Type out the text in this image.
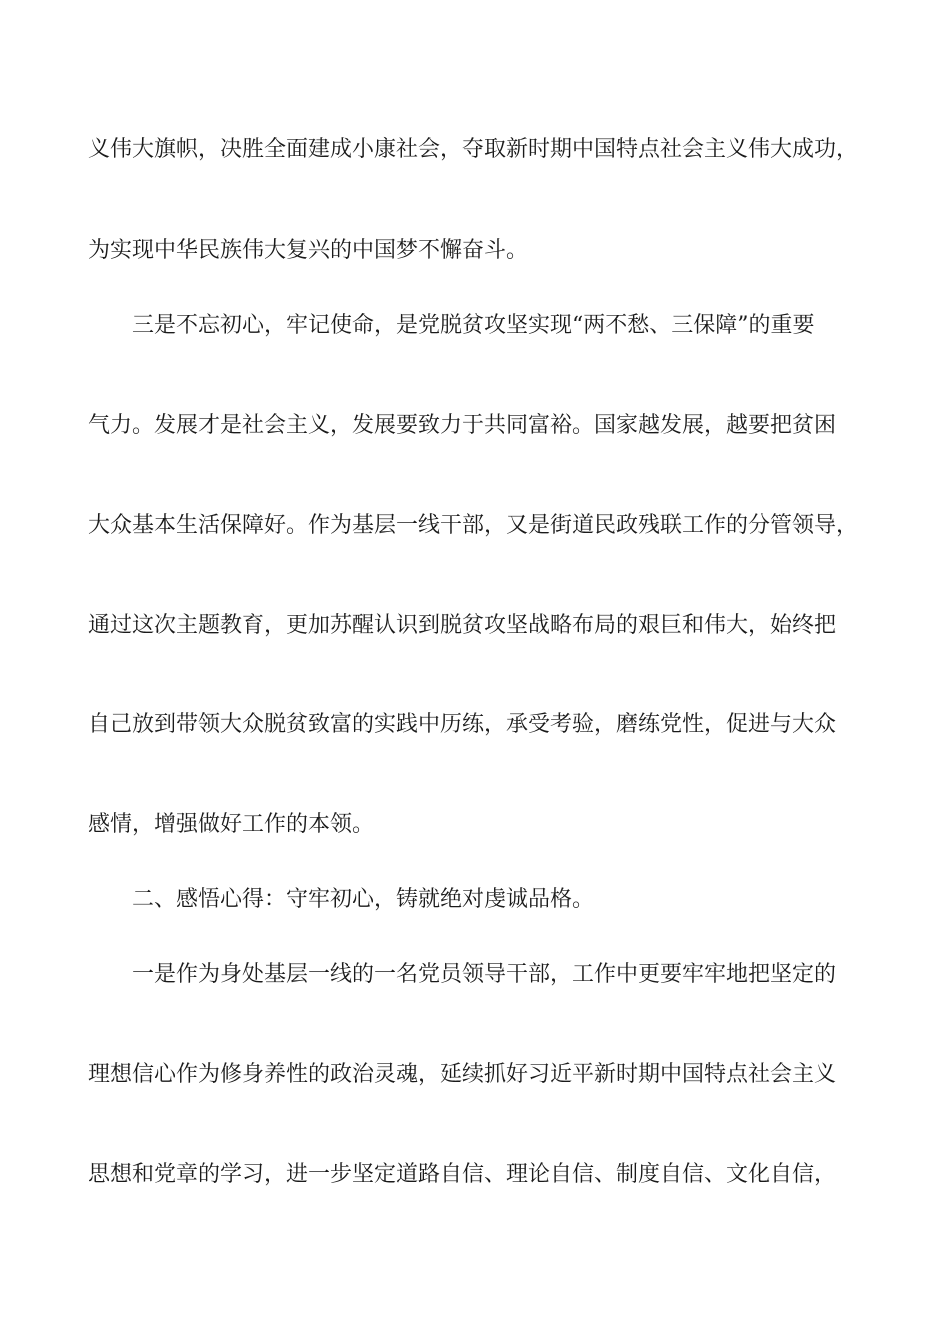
义伟大旗帜，决胜全面建成小康社会，夺取新时期中国特点社会主义伟大成功，
为实现中华民族伟大复兴的中国梦不懈奋斗。
三是不忘初心，牢记使命，是党脱贫攻坚实现“两不愁、三保障”的重要
气力。发展才是社会主义，发展要致力于共同富裕。国家越发展，越要把贫困
大众基本生活保障好。作为基层一线干部，又是街道民政残联工作的分管领导，
通过这次主题教育，更加苏醒认识到脱贫攻坚战略布局的艰巨和伟大，始终把
自己放到带领大众脱贫致富的实践中历练，承受考验，磨练党性，促进与大众
感情，增强做好工作的本领。
二、感悟心得：守牢初心，铸就绝对虔诚品格。
一是作为身处基层一线的一名党员领导干部，工作中更要牢牢地把坚定的
理想信心作为修身养性的政治灵魂，延续抓好习近平新时期中国特点社会主义
思想和党章的学习，进一步坚定道路自信、理论自信、制度自信、文化自信，
